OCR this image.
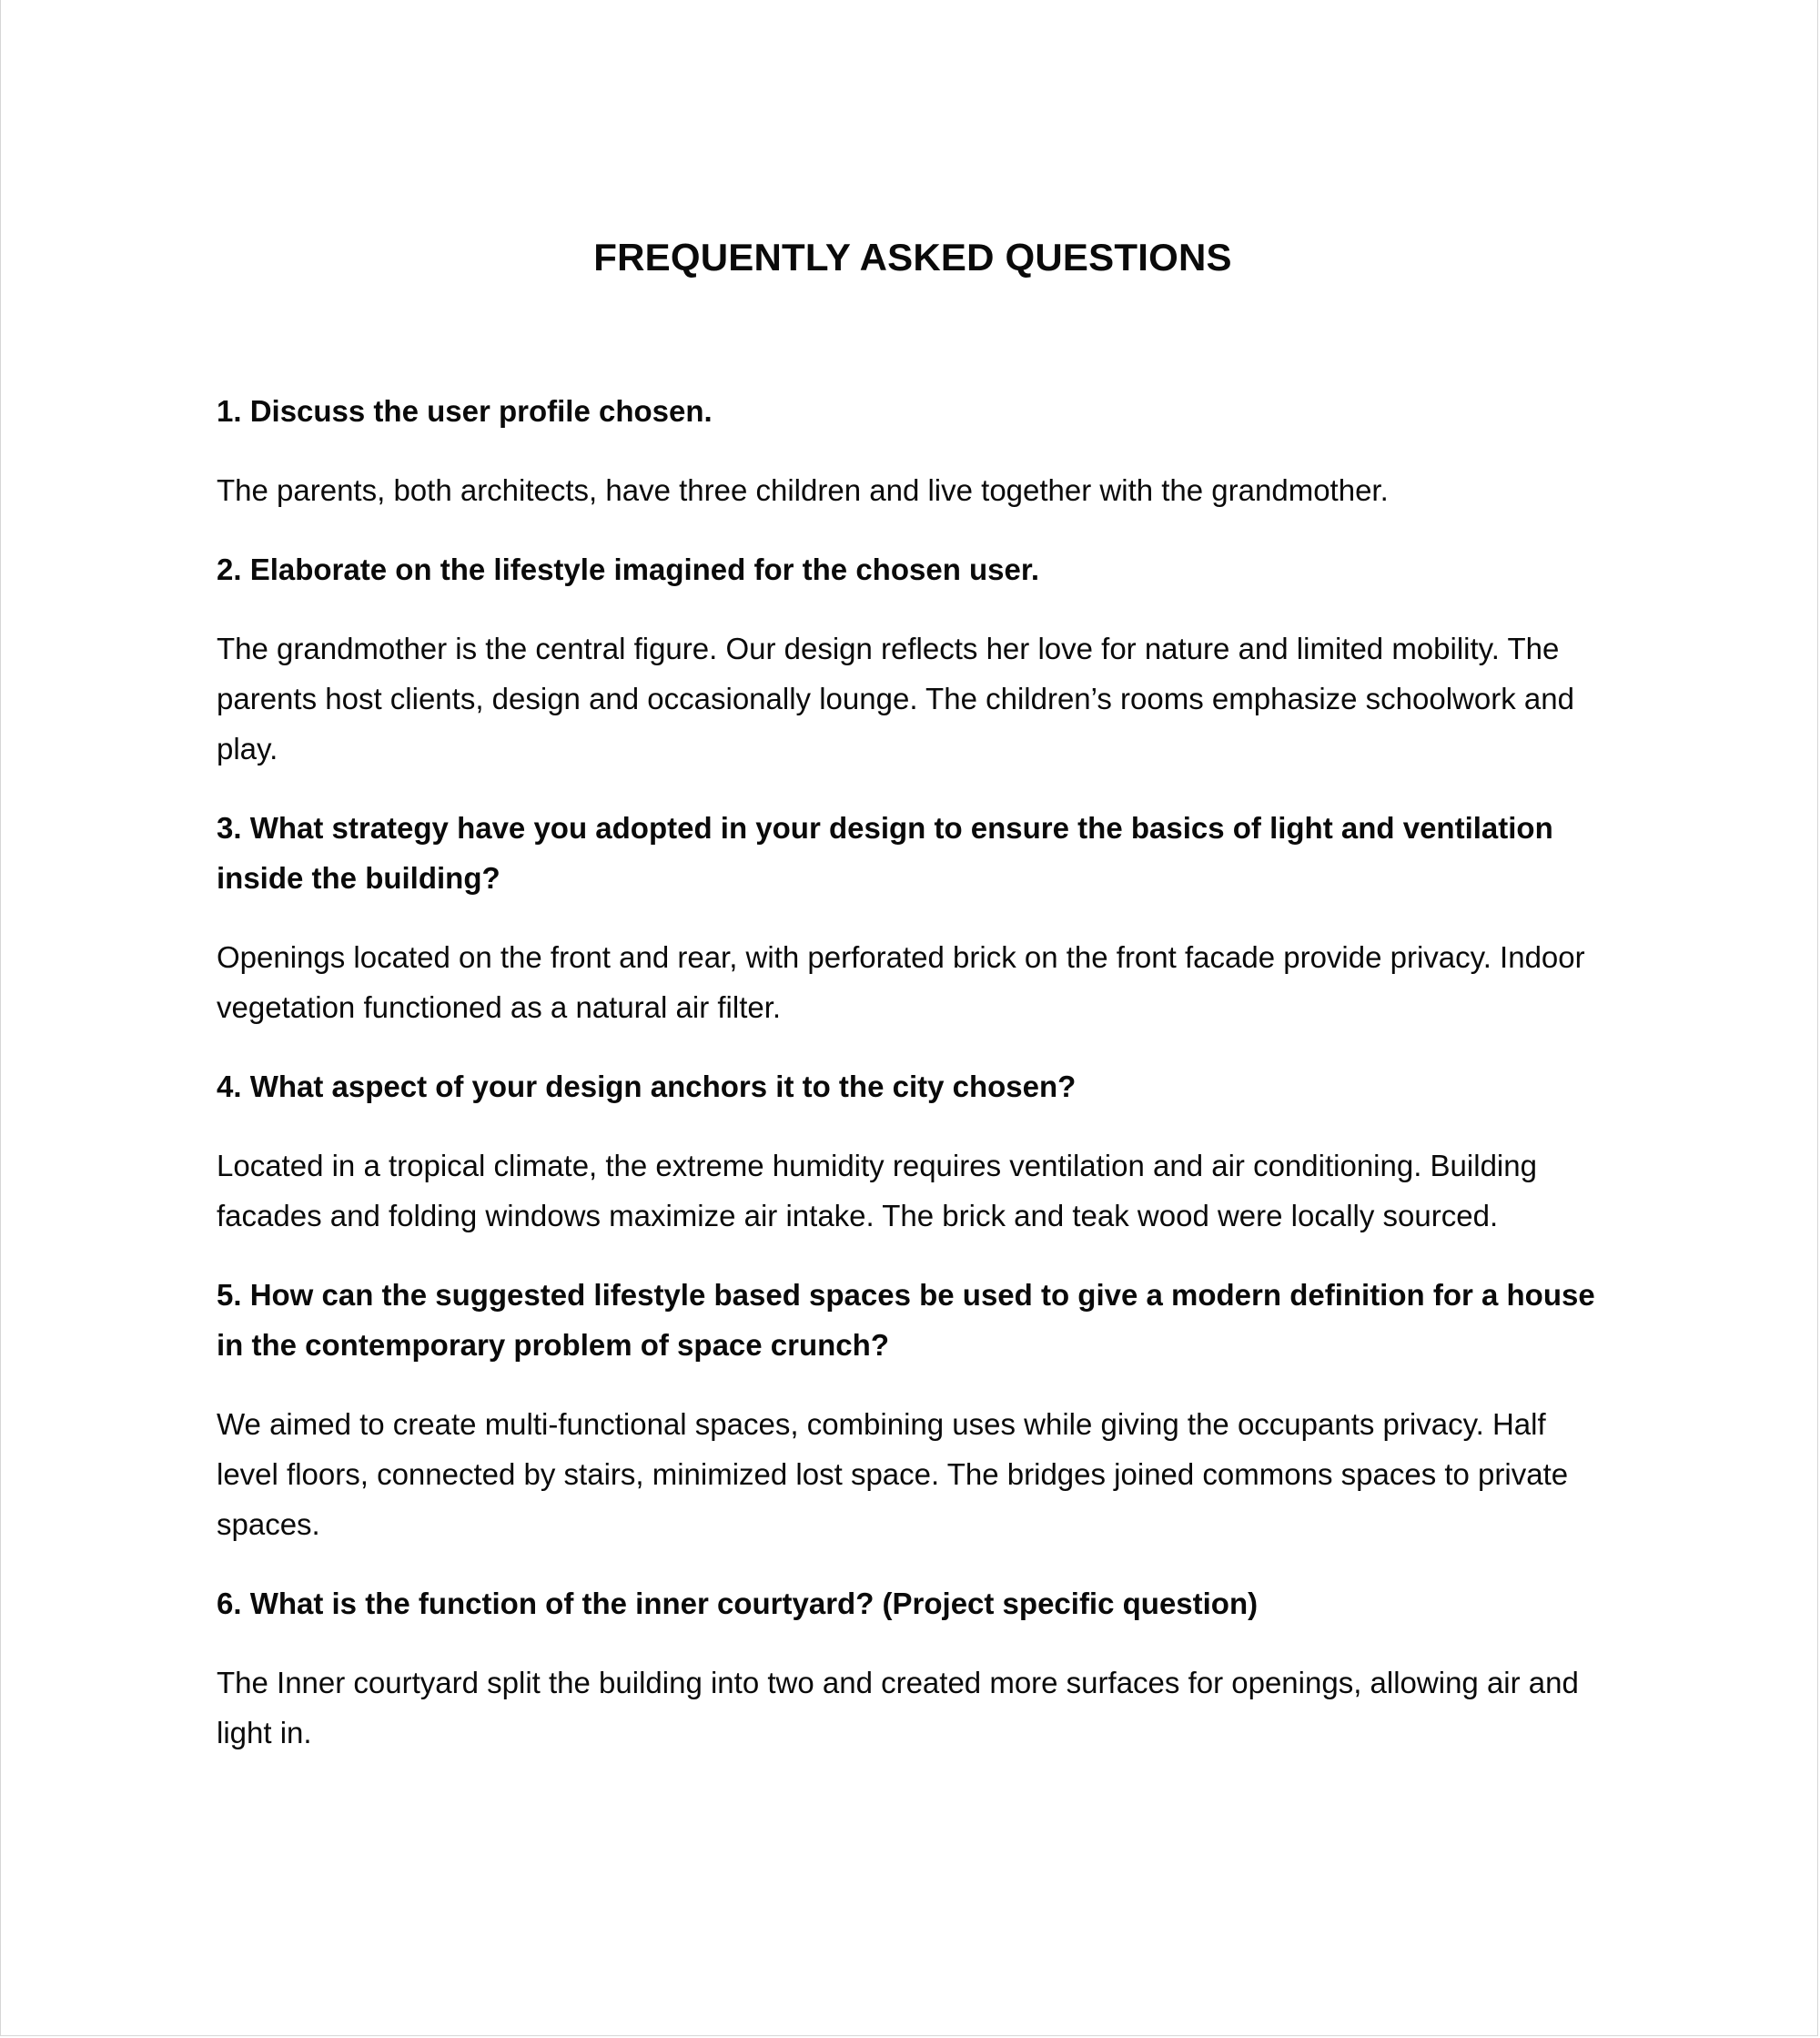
FREQUENTLY ASKED QUESTIONS
1. Discuss the user profile chosen.
The parents, both architects, have three children and live together with the grandmother.
2. Elaborate on the lifestyle imagined for the chosen user.
The grandmother is the central figure. Our design reflects her love for nature and limited mobility. The parents host clients, design and occasionally lounge. The children’s rooms emphasize schoolwork and play.
3. What strategy have you adopted in your design to ensure the basics of light and ventilation inside the building?
Openings located on the front and rear, with perforated brick on the front facade provide privacy. Indoor vegetation functioned as a natural air filter.
4. What aspect of your design anchors it to the city chosen?
Located in a tropical climate, the extreme humidity requires ventilation and air conditioning. Building facades and folding windows maximize air intake. The brick and teak wood were locally sourced.
5. How can the suggested lifestyle based spaces be used to give a modern definition for a house in the contemporary problem of space crunch?
We aimed to create multi-functional spaces, combining uses while giving the occupants privacy. Half level floors, connected by stairs, minimized lost space. The bridges joined commons spaces to private spaces.
6. What is the function of the inner courtyard? (Project specific question)
The Inner courtyard split the building into two and created more surfaces for openings, allowing air and light in.
